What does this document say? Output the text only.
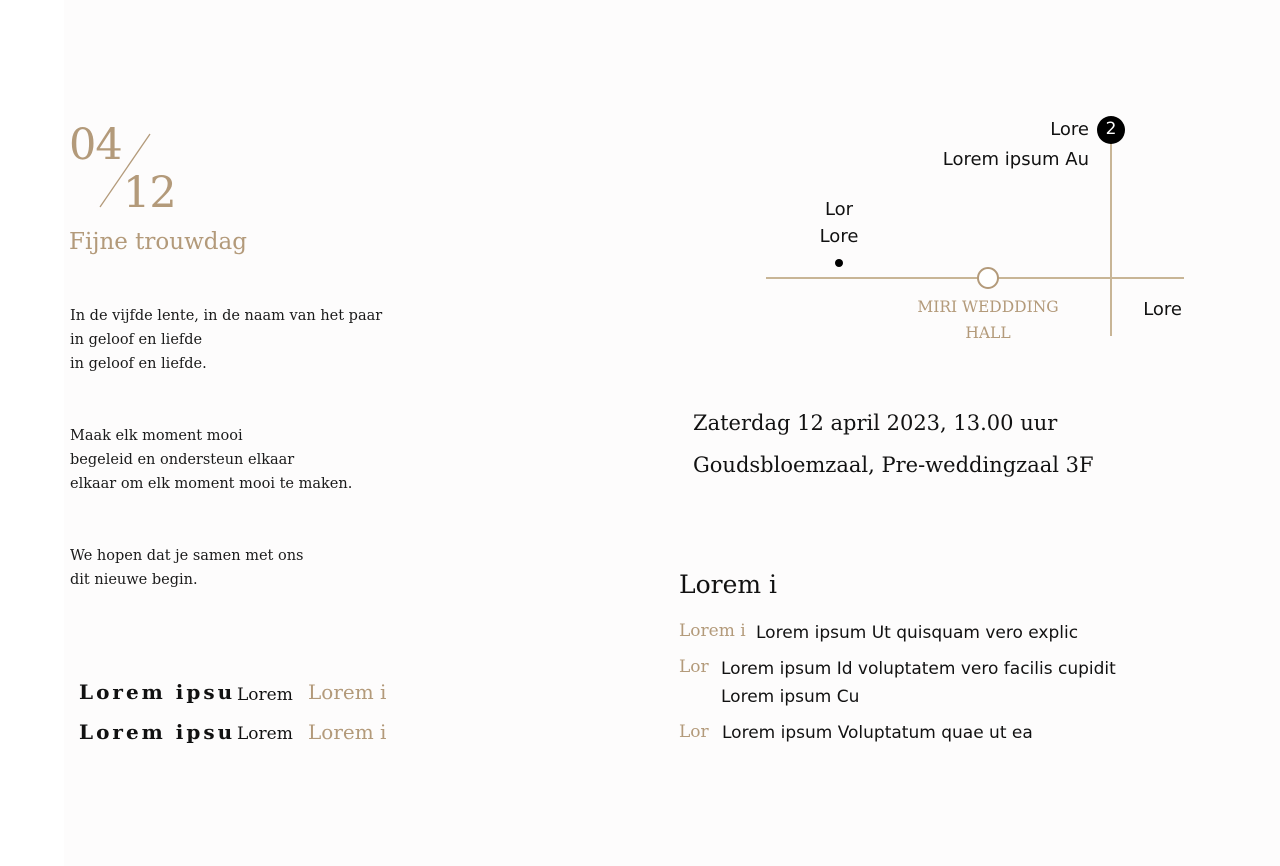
04
12
Fijne trouwdag
In de vijfde lente, in de naam van het paar
in geloof en liefde
in geloof en liefde.
Maak elk moment mooi
begeleid en ondersteun elkaar
elkaar om elk moment mooi te maken.
We hopen dat je samen met ons
dit nieuwe begin.
Lorem ipsu Lorem Lorem i
Lorem ipsu Lorem Lorem i
2
Lore
Lorem ipsum Au
Lor
Lore
MIRI WEDDDING
HALL
Lore
Zaterdag 12 april 2023, 13.00 uur
Goudsbloemzaal, Pre-weddingzaal 3F
Lorem i
Lorem i Lorem ipsum Ut quisquam vero explic
Lor Lorem ipsum Id voluptatem vero facilis cupidit
Lorem ipsum Cu
Lor Lorem ipsum Voluptatum quae ut ea
